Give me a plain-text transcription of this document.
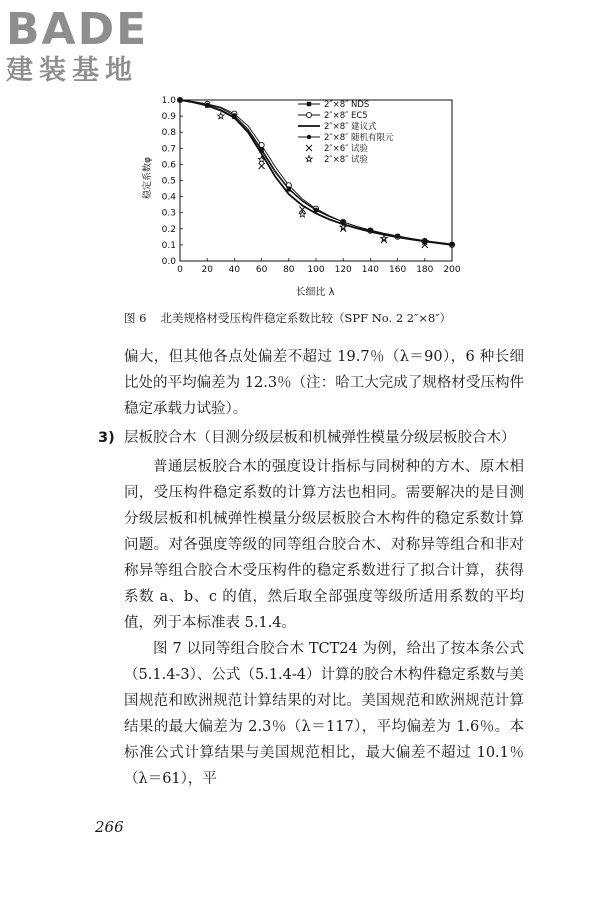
BADE
建装基地
0 20 40 60 80 100 120 140 160 180 200
0.0
0.1
0.2
0.3
0.4
0.5
0.6
0.7
0.8
0.9
1.0	2″×8″ NDS
2″×8″ EC5
2″×8″ 建议式
2″×8″ 随机有限元
2″×6″ 试验
2″×8″ 试验
稳定系数φ
长细比 λ
图 6 北美规格材受压构件稳定系数比较（SPF No. 2 2″×8″）

偏大，但其他各点处偏差不超过 19.7％（λ＝90），6 种长细比处的平均偏差为 12.3％（注：哈工大完成了规格材受压构件稳定承载力试验）。

3) 层板胶合木（目测分级层板和机械弹性模量分级层板胶合木）

普通层板胶合木的强度设计指标与同树种的方木、原木相同，受压构件稳定系数的计算方法也相同。需要解决的是目测分级层板和机械弹性模量分级层板胶合木构件的稳定系数计算问题。对各强度等级的同等组合胶合木、对称异等组合和非对称异等组合胶合木受压构件的稳定系数进行了拟合计算，获得系数 a、b、c 的值，然后取全部强度等级所适用系数的平均值，列于本标准表 5.1.4。

图 7 以同等组合胶合木 TCT24 为例，给出了按本条公式（5.1.4-3）、公式（5.1.4-4）计算的胶合木构件稳定系数与美国规范和欧洲规范计算结果的对比。美国规范和欧洲规范计算结果的最大偏差为 2.3％（λ＝117），平均偏差为 1.6％。本标准公式计算结果与美国规范相比，最大偏差不超过 10.1％（λ＝61），平

266
